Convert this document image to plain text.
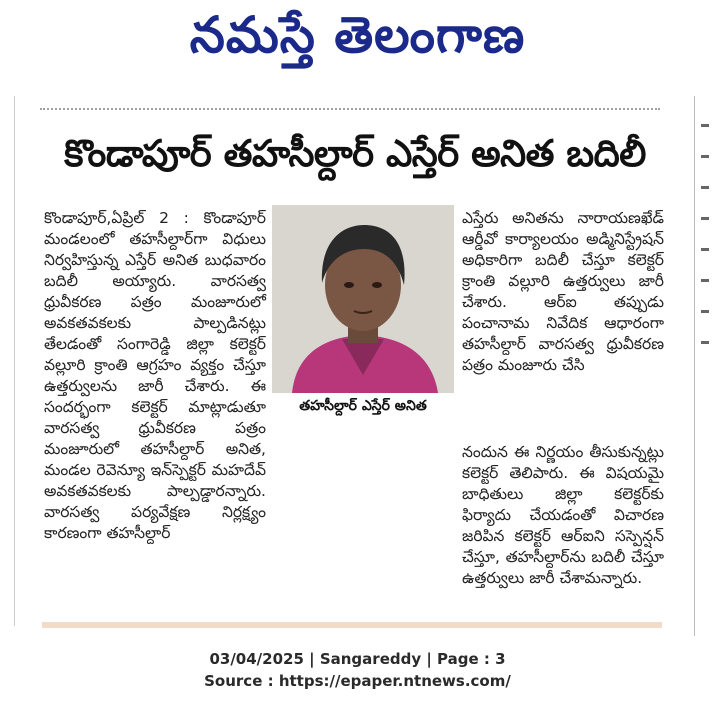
నమస్తే తెలంగాణ
కొండాపూర్ తహసీల్దార్ ఎస్తేర్ అనిత బదిలీ

కొండాపూర్,ఏప్రిల్ 2 : కొండాపూర్ మండలంలో తహసీల్దార్‌గా విధులు నిర్వహిస్తున్న ఎస్తేర్ అనిత బుధవారం బదిలీ అయ్యారు. వారసత్వ ధ్రువీకరణ పత్రం మంజూరులో అవకతవకలకు పాల్పడినట్లు తేలడంతో సంగారెడ్డి జిల్లా కలెక్టర్ వల్లూరి క్రాంతి ఆగ్రహం వ్యక్తం చేస్తూ ఉత్తర్వులను జారీ చేశారు. ఈ సందర్భంగా కలెక్టర్ మాట్లాడుతూ వారసత్వ ధ్రువీకరణ పత్రం మంజూరులో తహసీల్దార్ అనిత, మండల రెవెన్యూ ఇన్‌స్పెక్టర్ మహదేవ్ అవకతవకలకు పాల్పడ్డారన్నారు. వారసత్వ పర్యవేక్షణ నిర్లక్ష్యం కారణంగా తహసీల్దార్

తహసీల్దార్ ఎస్తేర్ అనిత

ఎస్తేరు అనితను నారాయణఖేడ్ ఆర్డీవో కార్యాలయం అడ్మినిస్ట్రేషన్ అధికారిగా బదిలీ చేస్తూ కలెక్టర్ క్రాంతి వల్లూరి ఉత్తర్వులు జారీ చేశారు. ఆర్ఐ తప్పుడు పంచానామ నివేదిక ఆధారంగా తహసీల్దార్ వారసత్వ ధ్రువీకరణ పత్రం మంజూరు చేసి

నందున ఈ నిర్ణయం తీసుకున్నట్లు కలెక్టర్ తెలిపారు. ఈ విషయమై బాధితులు జిల్లా కలెక్టర్‌కు ఫిర్యాదు చేయడంతో విచారణ జరిపిన కలెక్టర్ ఆర్ఐని సస్పెన్షన్ చేస్తూ, తహసీల్దార్‌ను బదిలీ చేస్తూ ఉత్తర్వులు జారీ చేశామన్నారు.

03/04/2025 | Sangareddy | Page : 3
Source : https://epaper.ntnews.com/
